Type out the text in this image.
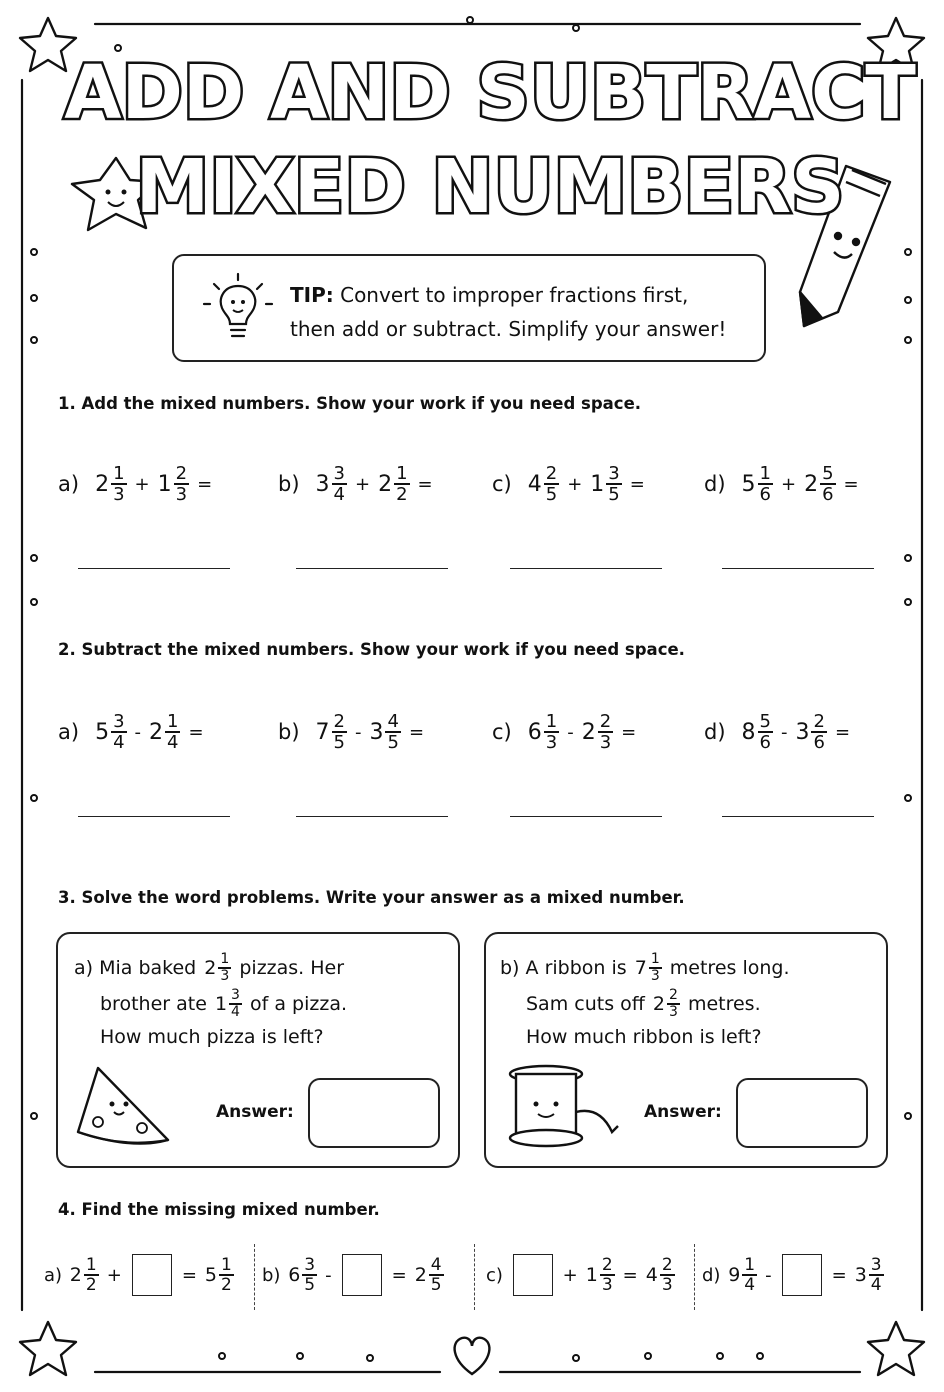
ADD AND SUBTRACT
MIXED NUMBERS
TIP: Convert to improper fractions first,
then add or subtract. Simplify your answer!
1. Add the mixed numbers. Show your work if you need space.
a) $2 \frac{1}{3} + 1 \frac{2}{3}$ =	b) $3 \frac{3}{4} + 2 \frac{1}{2}$ =	c) $4 \frac{2}{5} + 1 \frac{3}{5}$ =	d) $5 \frac{1}{6} + 2 \frac{5}{6}$ =
2. Subtract the mixed numbers. Show your work if you need space.
a) $5 \frac{3}{4} - 2 \frac{1}{4}$ =	b) $7 \frac{2}{5} - 3 \frac{4}{5}$ =	c) $6 \frac{1}{3} - 2 \frac{2}{3}$ =	d) $8 \frac{5}{6} - 3 \frac{2}{6}$ =
3. Solve the word problems. Write your answer as a mixed number.
a)
Mia baked
$2 \frac{1}{3}$
pizzas. Her
brother ate
$1 \frac{3}{4}$
of a pizza.
How much pizza is left?
Answer:
b)
A ribbon is
$7 \frac{1}{3}$
metres long.
Sam cuts off
$2 \frac{2}{3}$
metres.
How much ribbon is left?
Answer:
4. Find the missing mixed number.
a)
$2 \frac{1}{2}$ +	= $5 \frac{1}{2} b$)
$6 \frac{3}{5}$ -	= $2 \frac{4}{5} c$)
	+ $1 \frac{2}{3} = 4 \frac{2}{3} d$)
$9 \frac{1}{4}$ -	= $3 \frac{3}{4}$
